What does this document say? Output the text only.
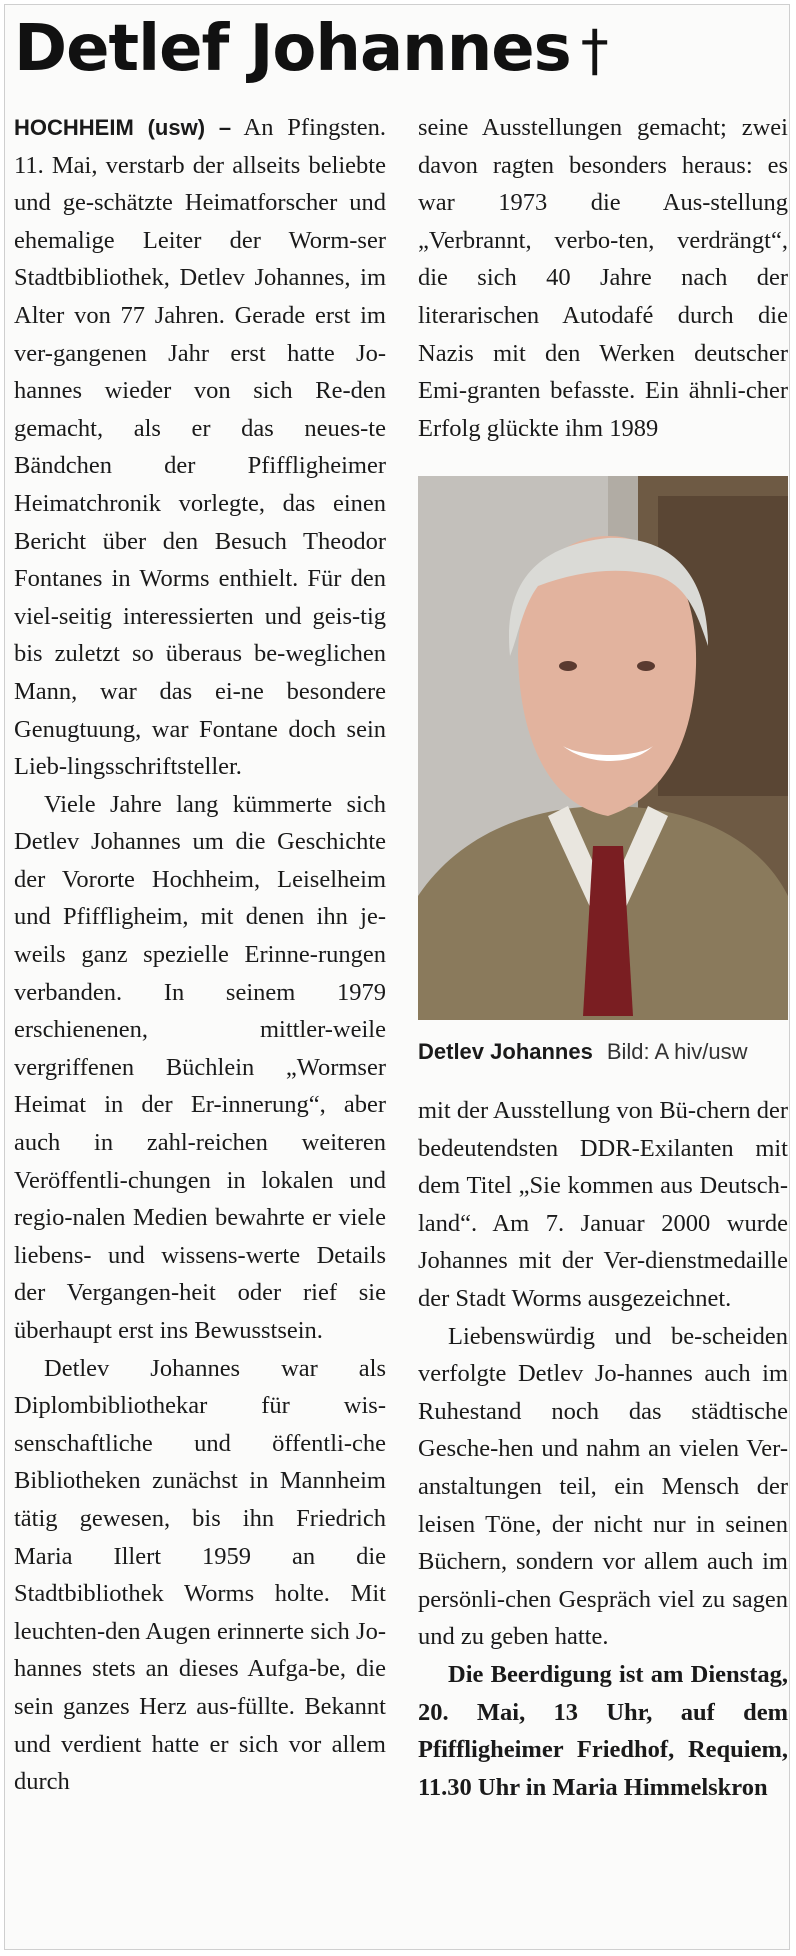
Detlef Johannes †

HOCHHEIM (usw) – An Pfingsten. 11. Mai, verstarb der allseits beliebte und ge-schätzte Heimatforscher und ehemalige Leiter der Worm-ser Stadtbibliothek, Detlev Johannes, im Alter von 77 Jahren. Gerade erst im ver-gangenen Jahr erst hatte Jo-hannes wieder von sich Re-den gemacht, als er das neues-te Bändchen der Pfiffligheimer Heimatchronik vorlegte, das einen Bericht über den Besuch Theodor Fontanes in Worms enthielt. Für den viel-seitig interessierten und geis-tig bis zuletzt so überaus be-weglichen Mann, war das ei-ne besondere Genugtuung, war Fontane doch sein Lieb-lingsschriftsteller.

Viele Jahre lang kümmerte sich Detlev Johannes um die Geschichte der Vororte Hochheim, Leiselheim und Pfiffligheim, mit denen ihn je-weils ganz spezielle Erinne-rungen verbanden. In seinem 1979 erschienenen, mittler-weile vergriffenen Büchlein „Wormser Heimat in der Er-innerung“, aber auch in zahl-reichen weiteren Veröffentli-chungen in lokalen und regio-nalen Medien bewahrte er viele liebens- und wissens-werte Details der Vergangen-heit oder rief sie überhaupt erst ins Bewusstsein.

Detlev Johannes war als Diplombibliothekar für wis-senschaftliche und öffentli-che Bibliotheken zunächst in Mannheim tätig gewesen, bis ihn Friedrich Maria Illert 1959 an die Stadtbibliothek Worms holte. Mit leuchten-den Augen erinnerte sich Jo-hannes stets an dieses Aufga-be, die sein ganzes Herz aus-füllte. Bekannt und verdient hatte er sich vor allem durch

seine Ausstellungen gemacht; zwei davon ragten besonders heraus: es war 1973 die Aus-stellung „Verbrannt, verbo-ten, verdrängt“, die sich 40 Jahre nach der literarischen Autodafé durch die Nazis mit den Werken deutscher Emi-granten befasste. Ein ähnli-cher Erfolg glückte ihm 1989

Detlev Johannes Bild: A hiv/usw

mit der Ausstellung von Bü-chern der bedeutendsten DDR-Exilanten mit dem Titel „Sie kommen aus Deutsch-land“. Am 7. Januar 2000 wurde Johannes mit der Ver-dienstmedaille der Stadt Worms ausgezeichnet.

Liebenswürdig und be-scheiden verfolgte Detlev Jo-hannes auch im Ruhestand noch das städtische Gesche-hen und nahm an vielen Ver-anstaltungen teil, ein Mensch der leisen Töne, der nicht nur in seinen Büchern, sondern vor allem auch im persönli-chen Gespräch viel zu sagen und zu geben hatte.

Die Beerdigung ist am Dienstag, 20. Mai, 13 Uhr, auf dem Pfiffligheimer Friedhof, Requiem, 11.30 Uhr in Maria Himmelskron
